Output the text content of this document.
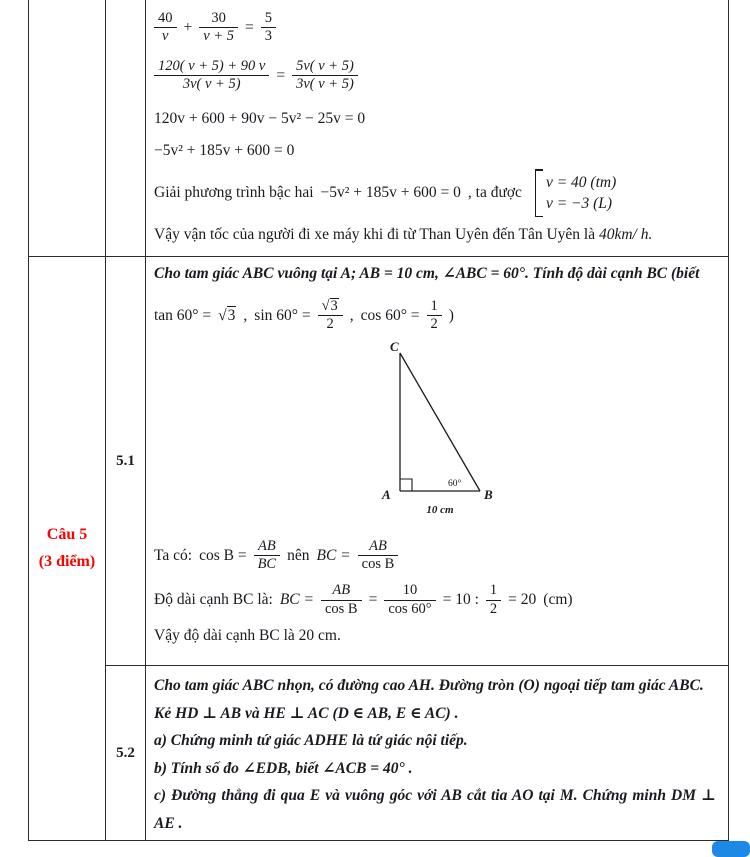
$\frac{40}{v} + \frac{30}{v + 5} = \frac{5}{3}$
$\frac{120( v + 5) + 90 v}{3v( v + 5)} = \frac{5v( v + 5)}{3v( v + 5)}$
120v + 600 + 90v − 5v² − 25v = 0
−5v² + 185v + 600 = 0
Giải phương trình bậc hai −5v² + 185v + 600 = 0 , ta được
v = 40 (tm)
v = −3 (L)
Vậy vận tốc của người đi xe máy khi đi từ Than Uyên đến Tân Uyên là 40km/ h.
Câu 5
(3 điểm)
5.1
Cho tam giác ABC vuông tại A; AB = 10 cm, ∠ABC = 60°. Tính độ dài cạnh BC (biết
tan 60° =	√ 3 , sin 60° = √ $\frac{3}{2}$ , $\cos 60^\circ = \frac{1}{2}$ )
C
A	B
60°
10 cm
Ta có: $\cos B = \frac{AB}{BC}$ nên BC = $\frac{AB}{\text{cos B}}$
Độ dài cạnh BC là: BC = $\frac{AB}{\text{cos B}} = \frac{10}{\cos 60^\circ} = 10$ : $\frac{1}{2} = 20$ (cm)
Vậy độ dài cạnh BC là 20 cm.
5.2
Cho tam giác ABC nhọn, có đường cao AH. Đường tròn (O) ngoại tiếp tam giác ABC.
Kẻ HD ⊥ AB và HE ⊥ AC (D ∈ AB, E ∈ AC) .
a) Chứng minh tứ giác ADHE là tứ giác nội tiếp.
b) Tính số đo ∠EDB, biết ∠ACB = 40° .
c) Đường thẳng đi qua E và vuông góc với AB cắt tia AO tại M. Chứng minh DM ⊥ AE .
